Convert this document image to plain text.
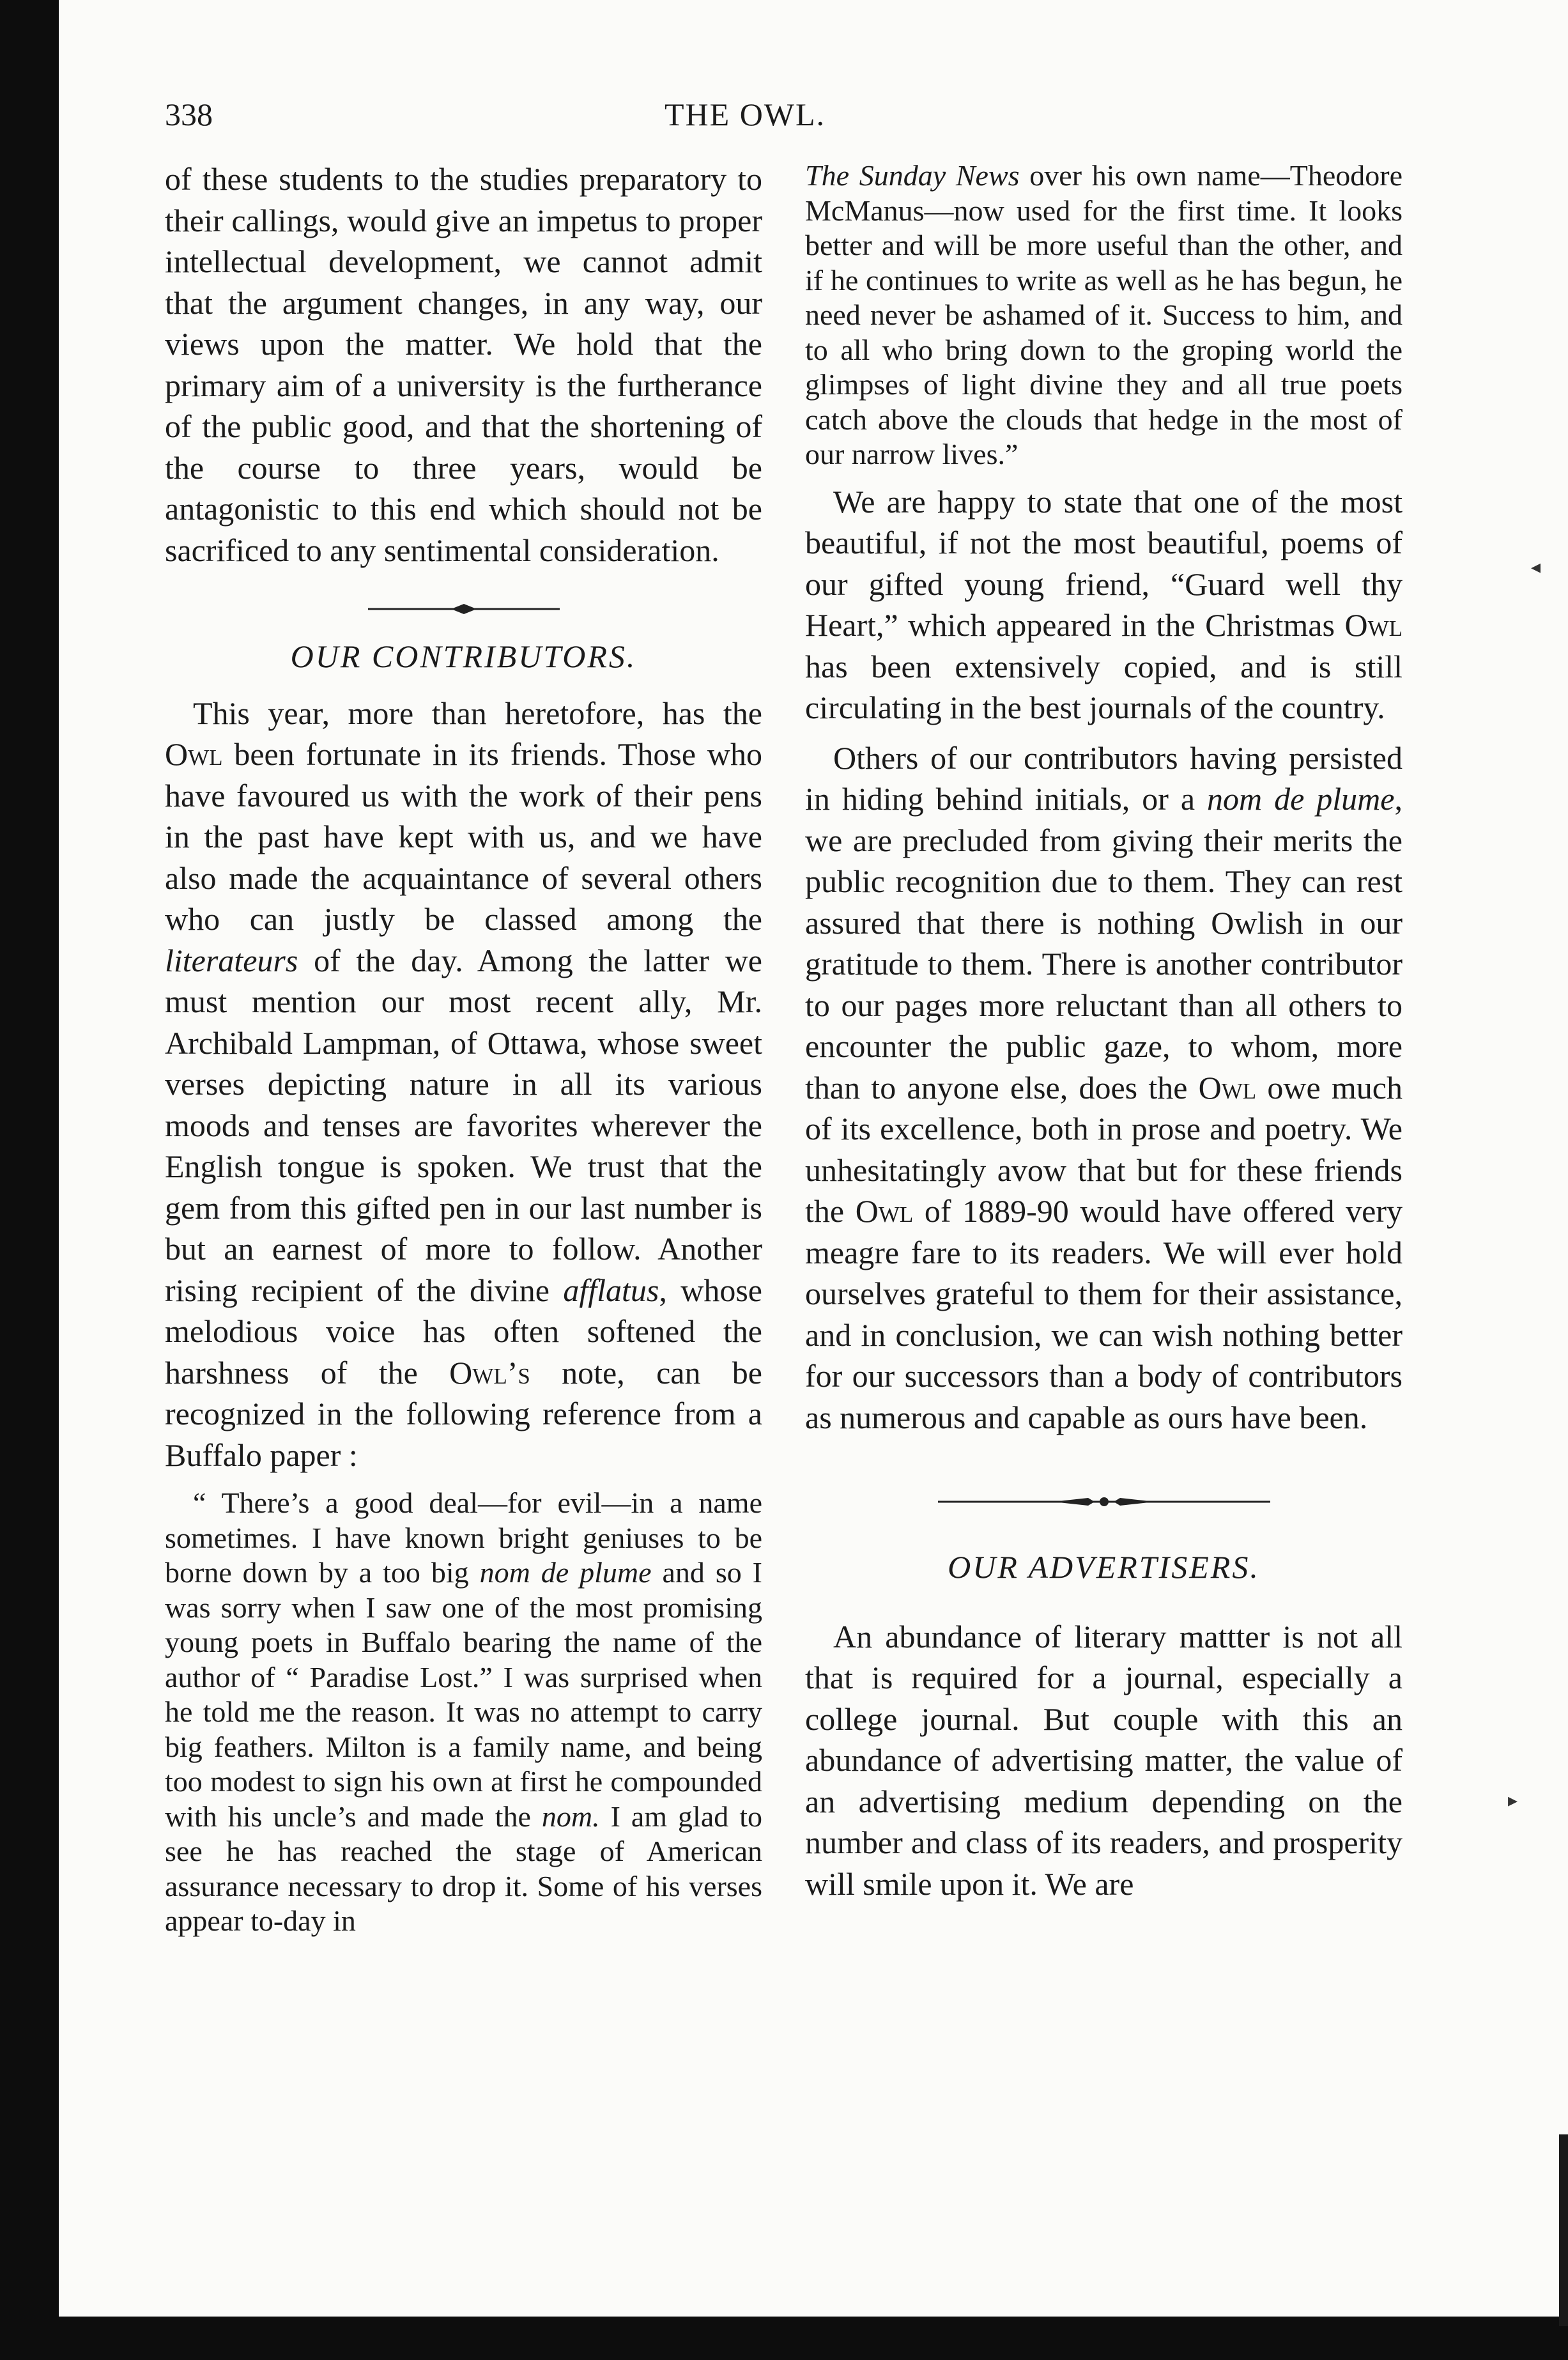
338	THE OWL.

of these students to the studies preparatory to their callings, would give an impetus to proper intellectual development, we cannot admit that the argument changes, in any way, our views upon the matter. We hold that the primary aim of a university is the furtherance of the public good, and that the shortening of the course to three years, would be antagonistic to this end which should not be sacrificed to any sentimental consideration.

OUR CONTRIBUTORS.

This year, more than heretofore, has the Owl been fortunate in its friends. Those who have favoured us with the work of their pens in the past have kept with us, and we have also made the acquaintance of several others who can justly be classed among the literateurs of the day. Among the latter we must mention our most recent ally, Mr. Archibald Lampman, of Ottawa, whose sweet verses depicting nature in all its various moods and tenses are favorites wherever the English tongue is spoken. We trust that the gem from this gifted pen in our last number is but an earnest of more to follow. Another rising recipient of the divine afflatus, whose melodious voice has often softened the harshness of the Owl’s note, can be recognized in the following reference from a Buffalo paper :

“ There’s a good deal—for evil—in a name sometimes. I have known bright geniuses to be borne down by a too big nom de plume and so I was sorry when I saw one of the most promising young poets in Buffalo bearing the name of the author of “ Paradise Lost.” I was surprised when he told me the reason. It was no attempt to carry big feathers. Milton is a family name, and being too modest to sign his own at first he compounded with his uncle’s and made the nom. I am glad to see he has reached the stage of American assurance necessary to drop it. Some of his verses appear to-day in

The Sunday News over his own name—Theodore McManus—now used for the first time. It looks better and will be more useful than the other, and if he continues to write as well as he has begun, he need never be ashamed of it. Success to him, and to all who bring down to the groping world the glimpses of light divine they and all true poets catch above the clouds that hedge in the most of our narrow lives.”

We are happy to state that one of the most beautiful, if not the most beautiful, poems of our gifted young friend, “Guard well thy Heart,” which appeared in the Christmas Owl has been extensively copied, and is still circulating in the best journals of the country.

Others of our contributors having persisted in hiding behind initials, or a nom de plume, we are precluded from giving their merits the public recognition due to them. They can rest assured that there is nothing Owlish in our gratitude to them. There is another contributor to our pages more reluctant than all others to encounter the public gaze, to whom, more than to anyone else, does the Owl owe much of its excellence, both in prose and poetry. We unhesitatingly avow that but for these friends the Owl of 1889-90 would have offered very meagre fare to its readers. We will ever hold ourselves grateful to them for their assistance, and in conclusion, we can wish nothing better for our successors than a body of contributors as numerous and capable as ours have been.

OUR ADVERTISERS.

An abundance of literary mattter is not all that is required for a journal, especially a college journal. But couple with this an abundance of advertising matter, the value of an advertising medium depending on the number and class of its readers, and prosperity will smile upon it. We are

◂
▸
